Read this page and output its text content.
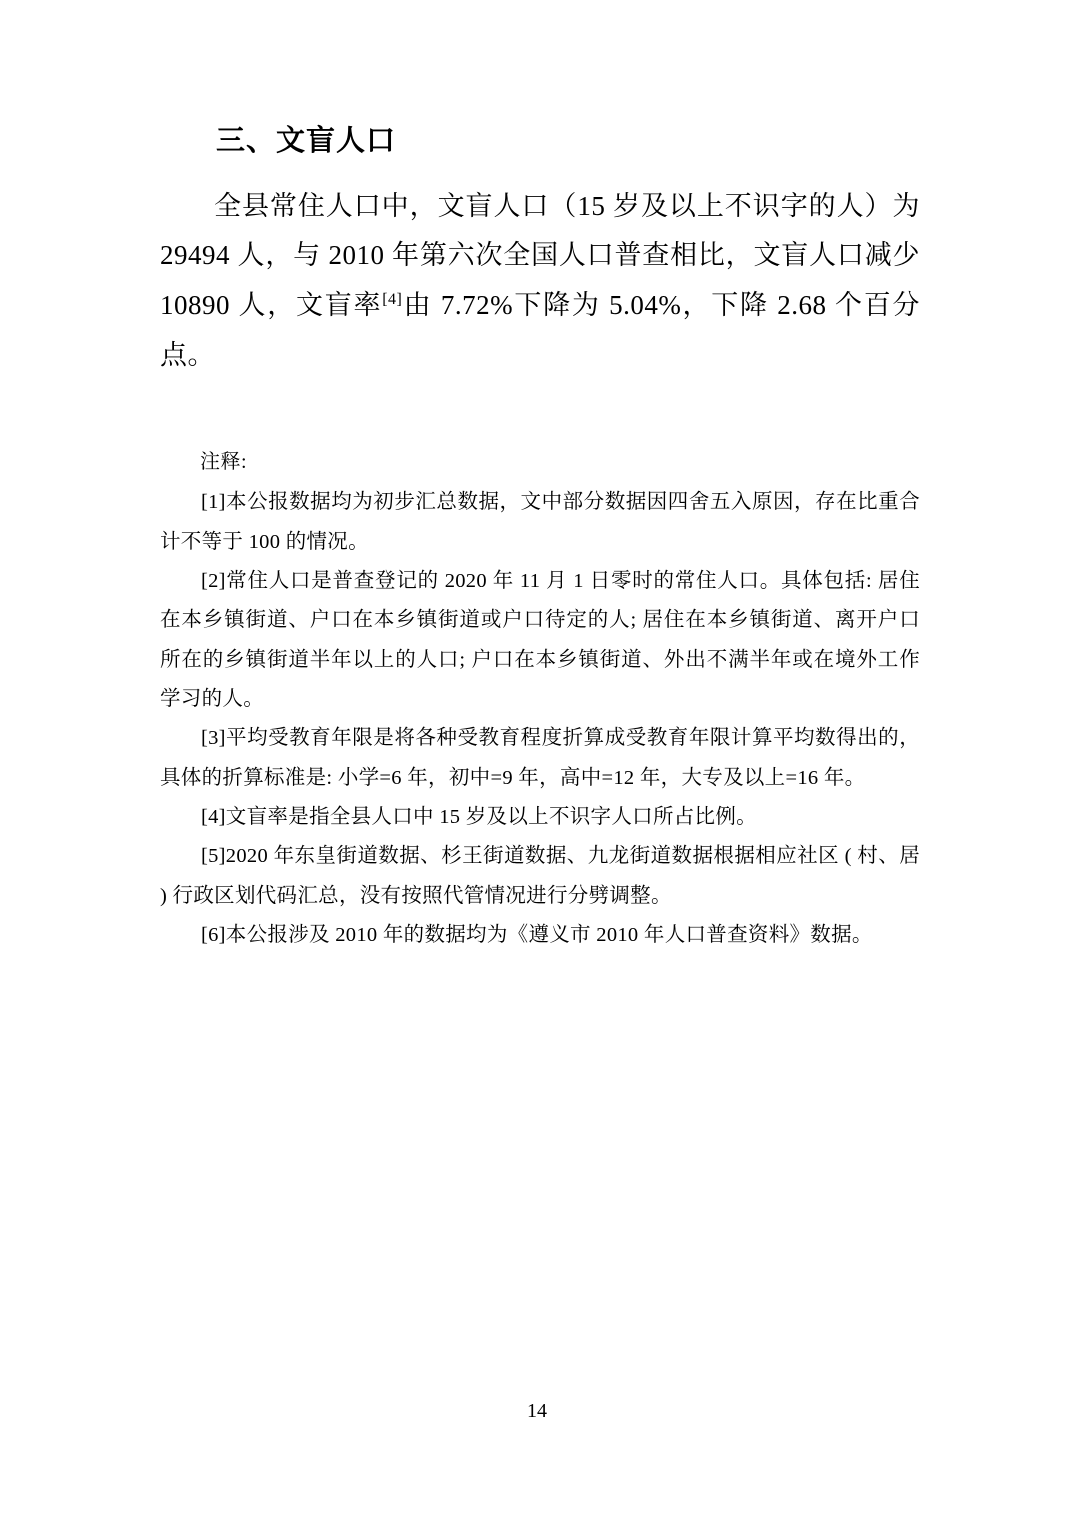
三、文盲人口

全县常住人口中，文盲人口（15 岁及以上不识字的人）为 29494 人，与 2010 年第六次全国人口普查相比，文盲人口减少 10890 人，文盲率[4]由 7.72%下降为 5.04%，下降 2.68 个百分点。

注释:

[1]本公报数据均为初步汇总数据，文中部分数据因四舍五入原因，存在比重合计不等于 100 的情况。

[2]常住人口是普查登记的 2020 年 11 月 1 日零时的常住人口。具体包括: 居住在本乡镇街道、户口在本乡镇街道或户口待定的人; 居住在本乡镇街道、离开户口所在的乡镇街道半年以上的人口; 户口在本乡镇街道、外出不满半年或在境外工作学习的人。

[3]平均受教育年限是将各种受教育程度折算成受教育年限计算平均数得出的，具体的折算标准是: 小学=6 年，初中=9 年，高中=12 年，大专及以上=16 年。

[4]文盲率是指全县人口中 15 岁及以上不识字人口所占比例。

[5]2020 年东皇街道数据、杉王街道数据、九龙街道数据根据相应社区 ( 村、居 ) 行政区划代码汇总，没有按照代管情况进行分劈调整。

[6]本公报涉及 2010 年的数据均为《遵义市 2010 年人口普查资料》数据。

14
